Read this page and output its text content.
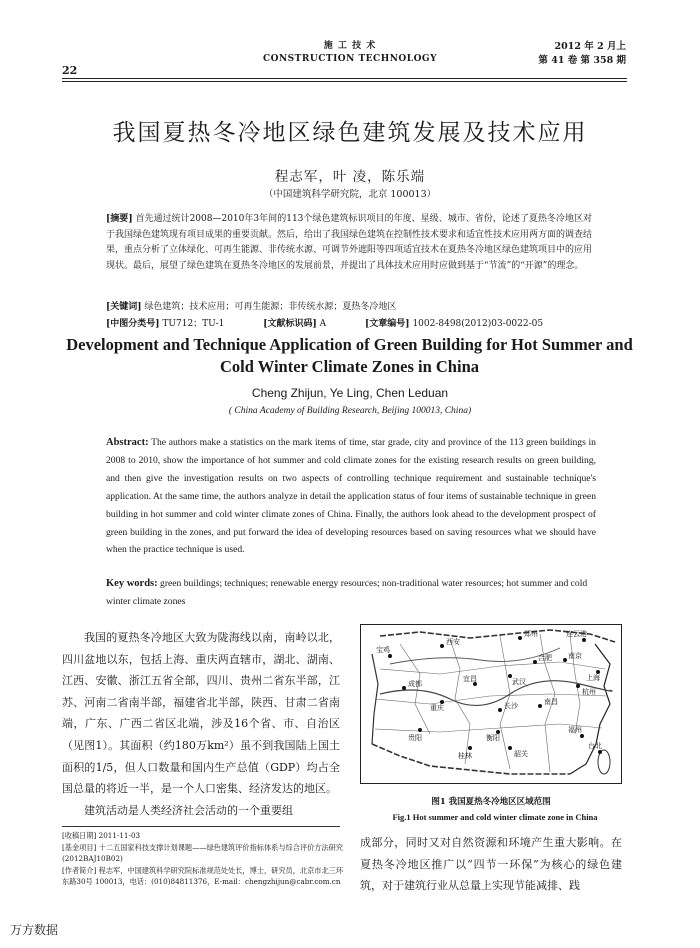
22
施 工 技 术
CONSTRUCTION TECHNOLOGY
2012 年 2 月上
第 41 卷 第 358 期
我国夏热冬冷地区绿色建筑发展及技术应用
程志军，叶 凌，陈乐端
（中国建筑科学研究院，北京 100013）
[摘要] 首先通过统计2008—2010年3年间的113个绿色建筑标识项目的年度、星级、城市、省份，论述了夏热冬冷地区对于我国绿色建筑现有项目成果的重要贡献。然后，给出了我国绿色建筑在控制性技术要求和适宜性技术应用两方面的调查结果，重点分析了立体绿化、可再生能源、非传统水源、可调节外遮阳等四项适宜技术在夏热冬冷地区绿色建筑项目中的应用现状。最后，展望了绿色建筑在夏热冬冷地区的发展前景，并提出了具体技术应用时应做到基于“节流”的“开源”的理念。
[关键词] 绿色建筑；技术应用；可再生能源；非传统水源；夏热冬冷地区
[中图分类号] TU712；TU-1	[文献标识码] A	[文章编号] 1002-8498(2012)03-0022-05
Development and Technique Application of Green Building for Hot Summer and Cold Winter Climate Zones in China
Cheng Zhijun, Ye Ling, Chen Leduan
( China Academy of Building Research, Beijing 100013, China)
Abstract: The authors make a statistics on the mark items of time, star grade, city and province of the 113 green buildings in 2008 to 2010, show the importance of hot summer and cold climate zones for the existing research results on green building, and then give the investigation results on two aspects of controlling technique requirement and sustainable technique's application. At the same time, the authors analyze in detail the application status of four items of sustainable technique in green building in hot summer and cold winter climate zones of China. Finally, the authors look ahead to the development prospect of green building in the zones, and put forward the idea of developing resources based on saving resources what we should have when the practice technique is used.
Key words: green buildings; techniques; renewable energy resources; non-traditional water resources; hot summer and cold winter climate zones
我国的夏热冬冷地区大致为陇海线以南，南岭以北，四川盆地以东，包括上海、重庆两直辖市，湖北、湖南、江西、安徽、浙江五省全部，四川、贵州二省东半部，江苏、河南二省南半部，福建省北半部，陕西、甘肃二省南端，广东、广西二省区北端，涉及16个省、市、自治区（见图1）。其面积（约180万km²）虽不到我国陆上国土面积的1/5，但人口数量和国内生产总值（GDP）均占全国总量的将近一半，是一个人口密集、经济发达的地区。
建筑活动是人类经济社会活动的一个重要组
[收稿日期] 2011-11-03
[基金项目] 十二五国家科技支撑计划课题——绿色建筑评价指标体系与综合评价方法研究(2012BAJ10B02)
[作者简介] 程志军，中国建筑科学研究院标准规范处处长，博士，研究员，北京市北三环东路30号 100013，电话：(010)84811376，E-mail：chengzhijun@cabr.com.cn
西安
郑州	连云港
宝鸡
合肥 南京
上海
成都	武汉
宜昌
杭州
重庆	长沙	南昌
贵阳	衡阳
福州
桂林	韶关
台北
图1 我国夏热冬冷地区区域范围
Fig.1 Hot summer and cold winter climate zone in China
成部分，同时又对自然资源和环境产生重大影响。在夏热冬冷地区推广以“四节一环保”为核心的绿色建筑，对于建筑行业从总量上实现节能减排、践
万方数据
